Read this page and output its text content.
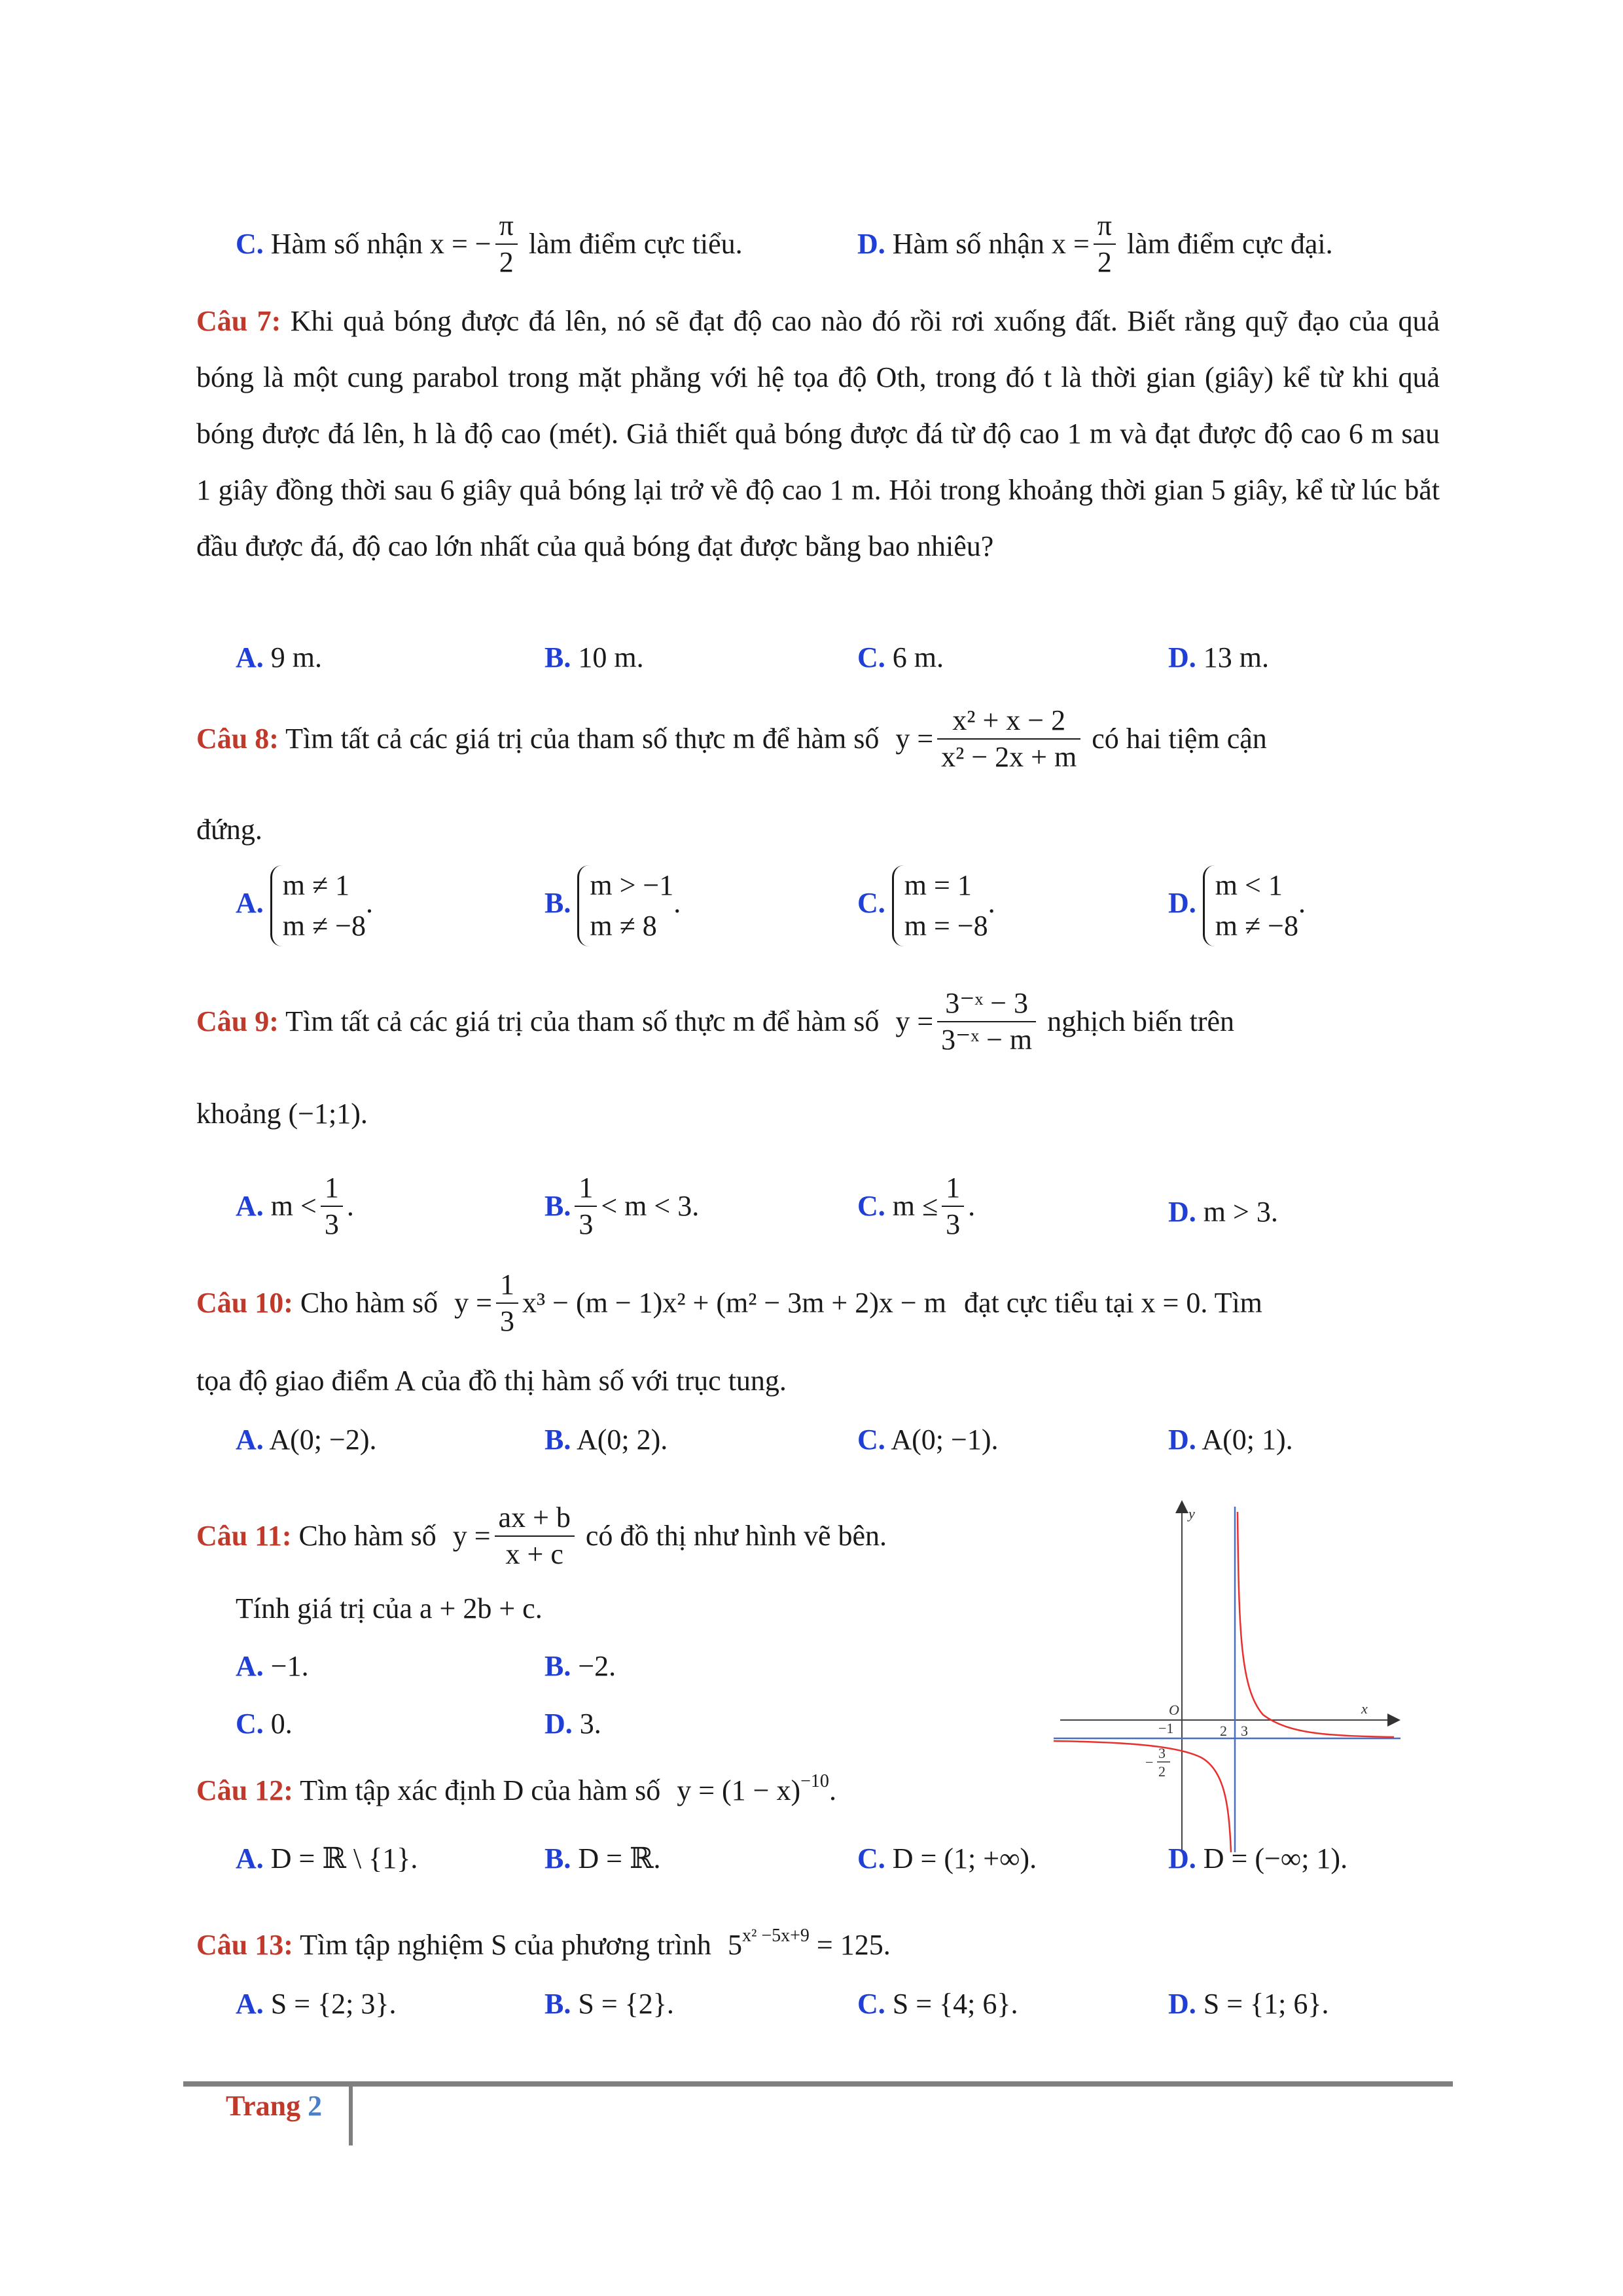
C. Hàm số nhận x = − $\frac{\pi}{2}$ làm điểm cực tiểu.	D. Hàm số nhận $x = \frac{\pi}{2}$ làm điểm cực đại.
Câu 7: Khi quả bóng được đá lên, nó sẽ đạt độ cao nào đó rồi rơi xuống đất. Biết rằng quỹ đạo của quả bóng là một cung parabol trong mặt phẳng với hệ tọa độ Oth, trong đó t là thời gian (giây) kể từ khi quả bóng được đá lên, h là độ cao (mét). Giả thiết quả bóng được đá từ độ cao 1 m và đạt được độ cao 6 m sau 1 giây đồng thời sau 6 giây quả bóng lại trở về độ cao 1 m. Hỏi trong khoảng thời gian 5 giây, kể từ lúc bắt đầu được đá, độ cao lớn nhất của quả bóng đạt được bằng bao nhiêu?
A. 9 m.	B. 10 m.	C. 6 m.	D. 13 m.
Câu 8: Tìm tất cả các giá trị của tham số thực m để hàm số $y = \frac{\text{x² + x − 2}}{\text{x² − 2x + m}}$ có hai tiệm cận
đứng.
A.
m ≠ 1
m ≠ −8
.	B.
m > −1
m ≠ 8
.	C.
m = 1
m = −8
.	D.
m < 1
m ≠ −8
.
Câu 9: Tìm tất cả các giá trị của tham số thực m để hàm số $y = \frac{\text{3⁻ˣ − 3}}{\text{3⁻ˣ − m}}$ nghịch biến trên
khoảng (−1;1).
A. $m < \frac{1}{3}$ .	B. $\frac{1}{3} < m < 3$.	C. $m \le \frac{1}{3}$ .	D. m > 3.
Câu 10: Cho hàm số $y = \frac{1}{3} x^3 - (m - 1)x^2 + (m^2 - 3m + 2)x - m$ đạt cực tiểu tại x = 0. Tìm
tọa độ giao điểm A của đồ thị hàm số với trục tung.
A. A(0; −2).	B. A(0; 2).	C. A(0; −1).	D. A(0; 1).
Câu 11: Cho hàm số $y = \frac{ax + b}{x + c}$ có đồ thị như hình vẽ bên.
Tính giá trị của a + 2b + c.
A. −1.	B. −2.
C. 0.	D. 3.
y
x
O
2 3
−1
3
2
−
Câu 12: Tìm tập xác định D của hàm số $y = (1 - x)^{-10}$.
A. D = ℝ \ {1}.	B. D = ℝ.	C. D = (1; +∞).	D. D = (−∞; 1).
Câu 13: Tìm tập nghiệm S của phương trình $5^{x^2 -5x+9} = 125$.
A. S = {2; 3}.	B. S = {2}.	C. S = {4; 6}.	D. S = {1; 6}.
Trang 2
